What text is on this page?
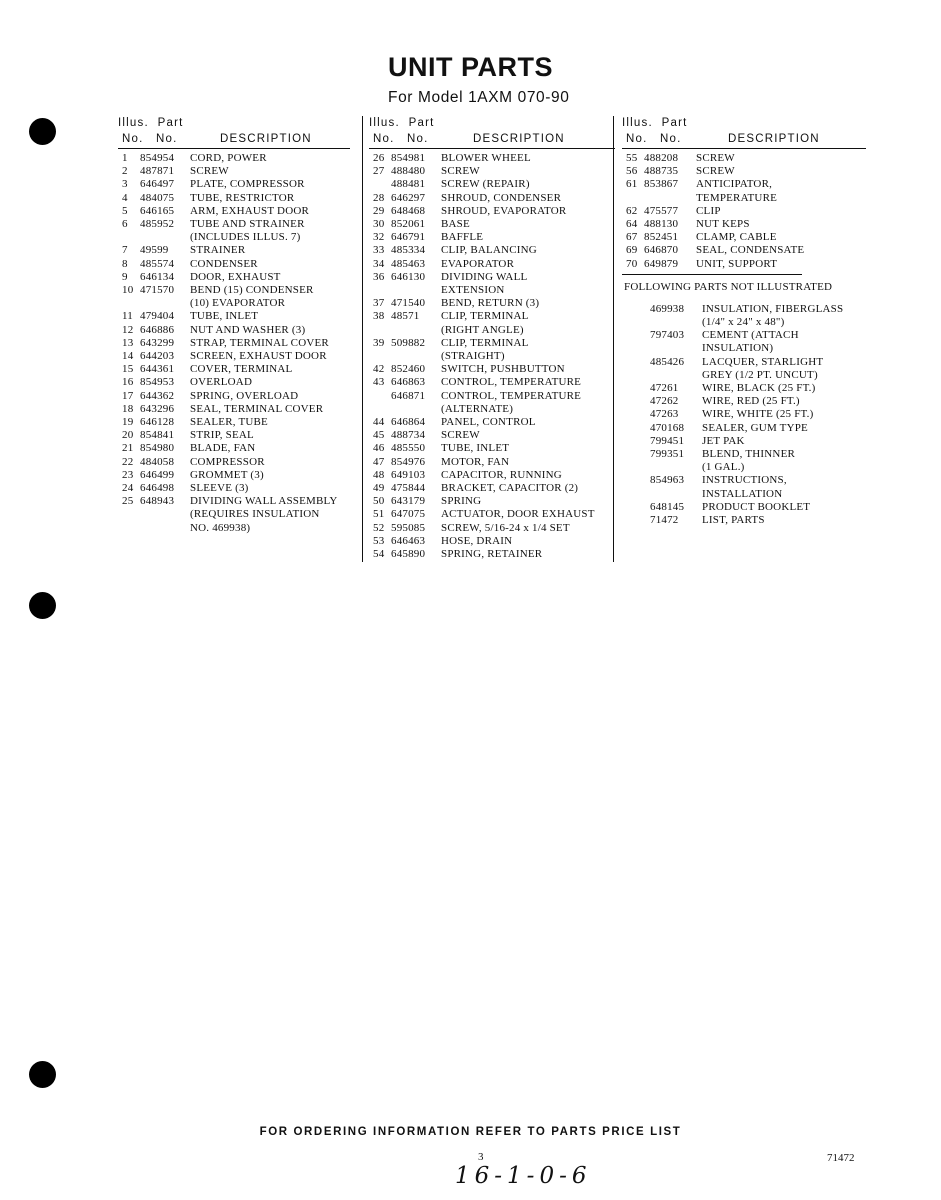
UNIT PARTS
For Model 1AXM 070-90
Illus. Part
No. No.	DESCRIPTION
1	854954	CORD, POWER
2	487871	SCREW
3	646497	PLATE, COMPRESSOR
4	484075	TUBE, RESTRICTOR
5	646165	ARM, EXHAUST DOOR
6	485952	TUBE AND STRAINER
(INCLUDES ILLUS. 7)
7	49599	STRAINER
8	485574	CONDENSER
9	646134	DOOR, EXHAUST
10 471570	BEND (15) CONDENSER
(10) EVAPORATOR
11 479404	TUBE, INLET
12 646886	NUT AND WASHER (3)
13 643299	STRAP, TERMINAL COVER
14 644203	SCREEN, EXHAUST DOOR
15 644361	COVER, TERMINAL
16 854953	OVERLOAD
17 644362	SPRING, OVERLOAD
18 643296	SEAL, TERMINAL COVER
19 646128	SEALER, TUBE
20 854841	STRIP, SEAL
21 854980	BLADE, FAN
22 484058	COMPRESSOR
23 646499	GROMMET (3)
24 646498	SLEEVE (3)
25 648943	DIVIDING WALL ASSEMBLY
(REQUIRES INSULATION
NO. 469938)
Illus. Part
No. No.	DESCRIPTION
26 854981	BLOWER WHEEL
27 488480	SCREW
488481	SCREW (REPAIR)
28 646297	SHROUD, CONDENSER
29 648468	SHROUD, EVAPORATOR
30 852061	BASE
32 646791	BAFFLE
33 485334	CLIP, BALANCING
34 485463	EVAPORATOR
36 646130	DIVIDING WALL
EXTENSION
37 471540	BEND, RETURN (3)
38 48571	CLIP, TERMINAL
(RIGHT ANGLE)
39 509882	CLIP, TERMINAL
(STRAIGHT)
42 852460	SWITCH, PUSHBUTTON
43 646863	CONTROL, TEMPERATURE
646871	CONTROL, TEMPERATURE
(ALTERNATE)
44 646864	PANEL, CONTROL
45 488734	SCREW
46 485550	TUBE, INLET
47 854976	MOTOR, FAN
48 649103	CAPACITOR, RUNNING
49 475844	BRACKET, CAPACITOR (2)
50 643179	SPRING
51 647075	ACTUATOR, DOOR EXHAUST
52 595085	SCREW, 5/16-24 x 1/4 SET
53 646463	HOSE, DRAIN
54 645890	SPRING, RETAINER
Illus. Part
No. No.	DESCRIPTION
55 488208	SCREW
56 488735	SCREW
61 853867	ANTICIPATOR,
TEMPERATURE
62 475577	CLIP
64 488130	NUT KEPS
67 852451	CLAMP, CABLE
69 646870	SEAL, CONDENSATE
70 649879	UNIT, SUPPORT
FOLLOWING PARTS NOT ILLUSTRATED
469938	INSULATION, FIBERGLASS
(1/4" x 24" x 48")
797403	CEMENT (ATTACH
INSULATION)
485426	LACQUER, STARLIGHT
GREY (1/2 PT. UNCUT)
47261	WIRE, BLACK (25 FT.)
47262	WIRE, RED (25 FT.)
47263	WIRE, WHITE (25 FT.)
470168	SEALER, GUM TYPE
799451	JET PAK
799351	BLEND, THINNER
(1 GAL.)
854963	INSTRUCTIONS,
INSTALLATION
648145	PRODUCT BOOKLET
71472	LIST, PARTS
FOR ORDERING INFORMATION REFER TO PARTS PRICE LIST
3	71472
16-1-0-6
